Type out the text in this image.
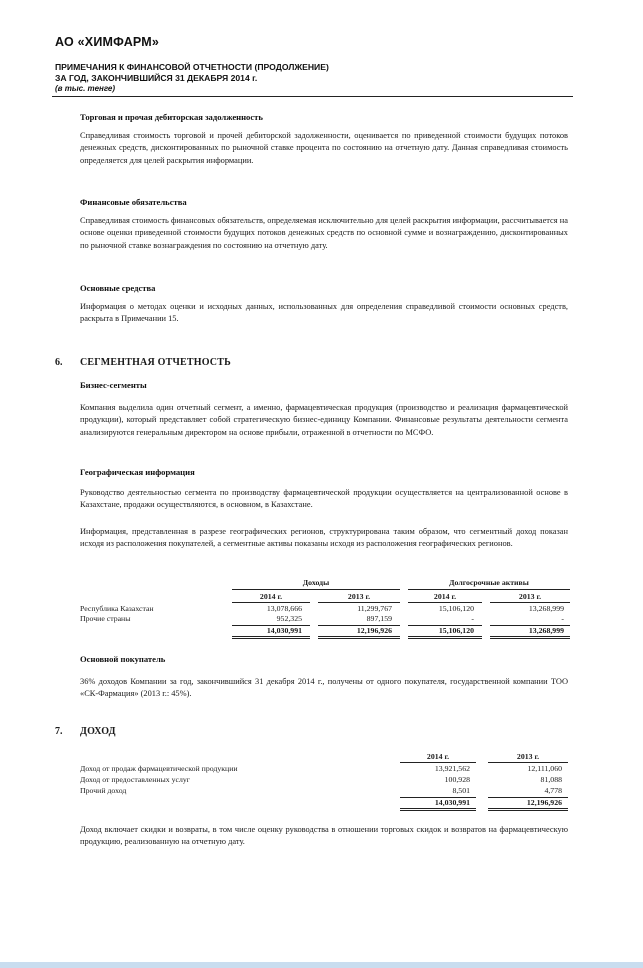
АО «ХИМФАРМ»
ПРИМЕЧАНИЯ К ФИНАНСОВОЙ ОТЧЕТНОСТИ (ПРОДОЛЖЕНИЕ)
ЗА ГОД, ЗАКОНЧИВШИЙСЯ 31 ДЕКАБРЯ 2014 г.
(в тыс. тенге)
Торговая и прочая дебиторская задолженность

Справедливая стоимость торговой и прочей дебиторской задолженности, оценивается по приведенной стоимости будущих потоков денежных средств, дисконтированных по рыночной ставке процента по состоянию на отчетную дату. Данная справедливая стоимость определяется для целей раскрытия информации.

Финансовые обязательства

Справедливая стоимость финансовых обязательств, определяемая исключительно для целей раскрытия информации, рассчитывается на основе оценки приведенной стоимости будущих потоков денежных средств по основной сумме и вознаграждению, дисконтированных по рыночной ставке вознаграждения по состоянию на отчетную дату.

Основные средства

Информация о методах оценки и исходных данных, использованных для определения справедливой стоимости основных средств, раскрыта в Примечании 15.

6. СЕГМЕНТНАЯ ОТЧЕТНОСТЬ
Бизнес-сегменты

Компания выделила один отчетный сегмент, а именно, фармацевтическая продукция (производство и реализация фармацевтической продукции), который представляет собой стратегическую бизнес-единицу Компании. Финансовые результаты деятельности сегмента анализируются генеральным директором на основе прибыли, отраженной в отчетности по МСФО.

Географическая информация

Руководство деятельностью сегмента по производству фармацевтической продукции осуществляется на централизованной основе в Казахстане, продажи осуществляются, в основном, в Казахстане.

Информация, представленная в разрезе географических регионов, структурирована таким образом, что сегментный доход показан исходя из расположения покупателей, а сегментные активы показаны исходя из расположения географических регионов.

Доходы	Долгосрочные активы
2014 г.	2013 г.	2014 г.	2013 г.
Республика Казахстан	13,078,666	11,299,767	15,106,120	13,268,999
Прочие страны	952,325	897,159	-	-
14,030,991	12,196,926	15,106,120	13,268,999
Основной покупатель

36% доходов Компании за год, закончившийся 31 декабря 2014 г., получены от одного покупателя, государственной компании ТОО «СК-Фармация» (2013 г.: 45%).

7. ДОХОД
2014 г.	2013 г.
Доход от продаж фармацевтической продукции	13,921,562	12,111,060
Доход от предоставленных услуг	100,928	81,088
Прочий доход	8,501	4,778
14,030,991	12,196,926

Доход включает скидки и возвраты, в том числе оценку руководства в отношении торговых скидок и возвратов на фармацевтическую продукцию, реализованную на отчетную дату.
